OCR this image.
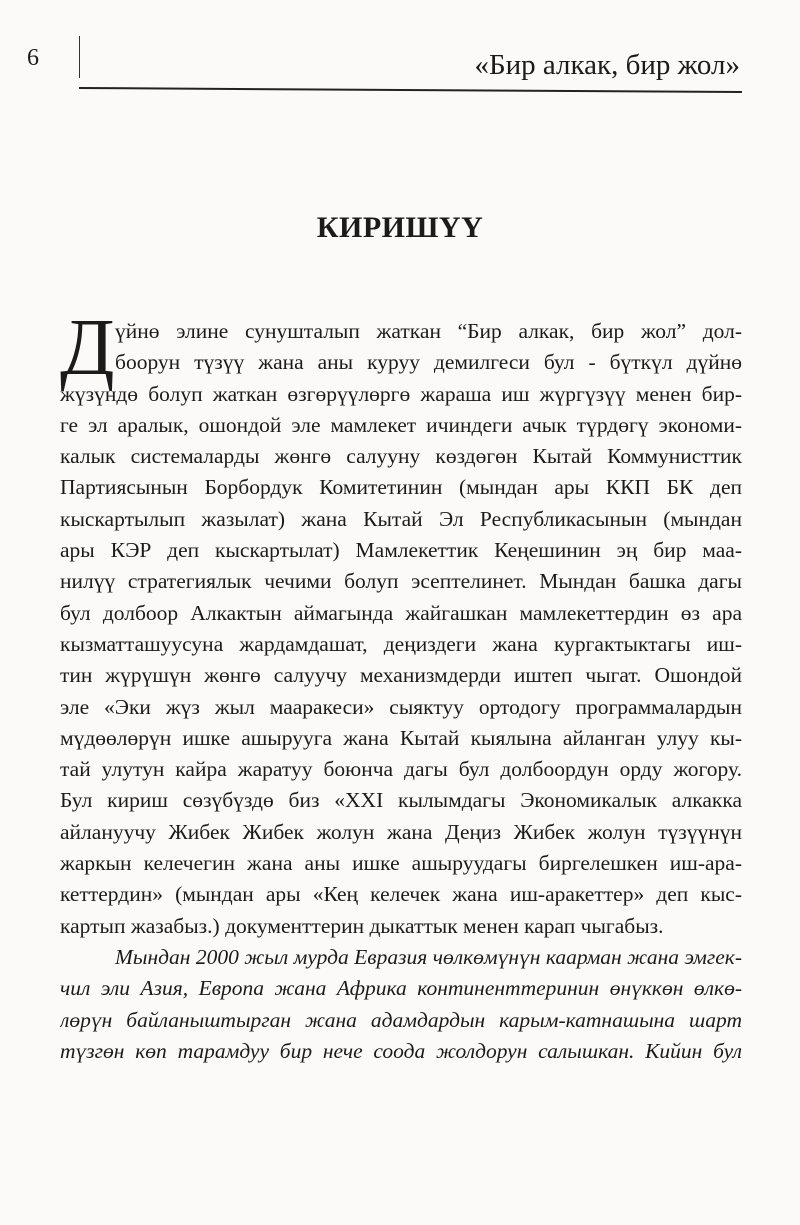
6	«Бир алкак, бир жол»
КИРИШҮҮ
Д үйнө элине сунушталып жаткан “Бир алкак, бир жол” дол-
боорун түзүү жана аны куруу демилгеси бул - бүткүл дүйнө
жүзүндө болуп жаткан өзгөрүүлөргө жараша иш жүргүзүү менен бир-
ге эл аралык, ошондой эле мамлекет ичиндеги ачык түрдөгү экономи-
калык системаларды жөнгө салууну көздөгөн Кытай Коммунисттик
Партиясынын Борбордук Комитетинин (мындан ары ККП БК деп
кыскартылып жазылат) жана Кытай Эл Республикасынын (мындан
ары КЭР деп кыскартылат) Мамлекеттик Кеңешинин эң бир маа-
нилүү стратегиялык чечими болуп эсептелинет. Мындан башка дагы
бул долбоор Алкактын аймагында жайгашкан мамлекеттердин өз ара
кызматташуусуна жардамдашат, деңиздеги жана кургактыктагы иш-
тин жүрүшүн жөнгө салуучу механизмдерди иштеп чыгат. Ошондой
эле «Эки жүз жыл мааракеси» сыяктуу ортодогу программалардын
мүдөөлөрүн ишке ашырууга жана Кытай кыялына айланган улуу кы-
тай улутун кайра жаратуу боюнча дагы бул долбоордун орду жогору.
Бул кириш сөзүбүздө биз «XXI кылымдагы Экономикалык алкакка
айлануучу Жибек Жибек жолун жана Деңиз Жибек жолун түзүүнүн
жаркын келечегин жана аны ишке ашыруудагы биргелешкен иш-ара-
кеттердин» (мындан ары «Кең келечек жана иш-аракеттер» деп кыс-
картып жазабыз.) документтерин дыкаттык менен карап чыгабыз.
Мындан 2000 жыл мурда Евразия чөлкөмүнүн каарман жана эмгек-
чил эли Азия, Европа жана Африка континенттеринин өнүккөн өлкө-
лөрүн байланыштырган жана адамдардын карым-катнашына шарт
түзгөн көп тарамдуу бир нече соода жолдорун салышкан. Кийин бул
